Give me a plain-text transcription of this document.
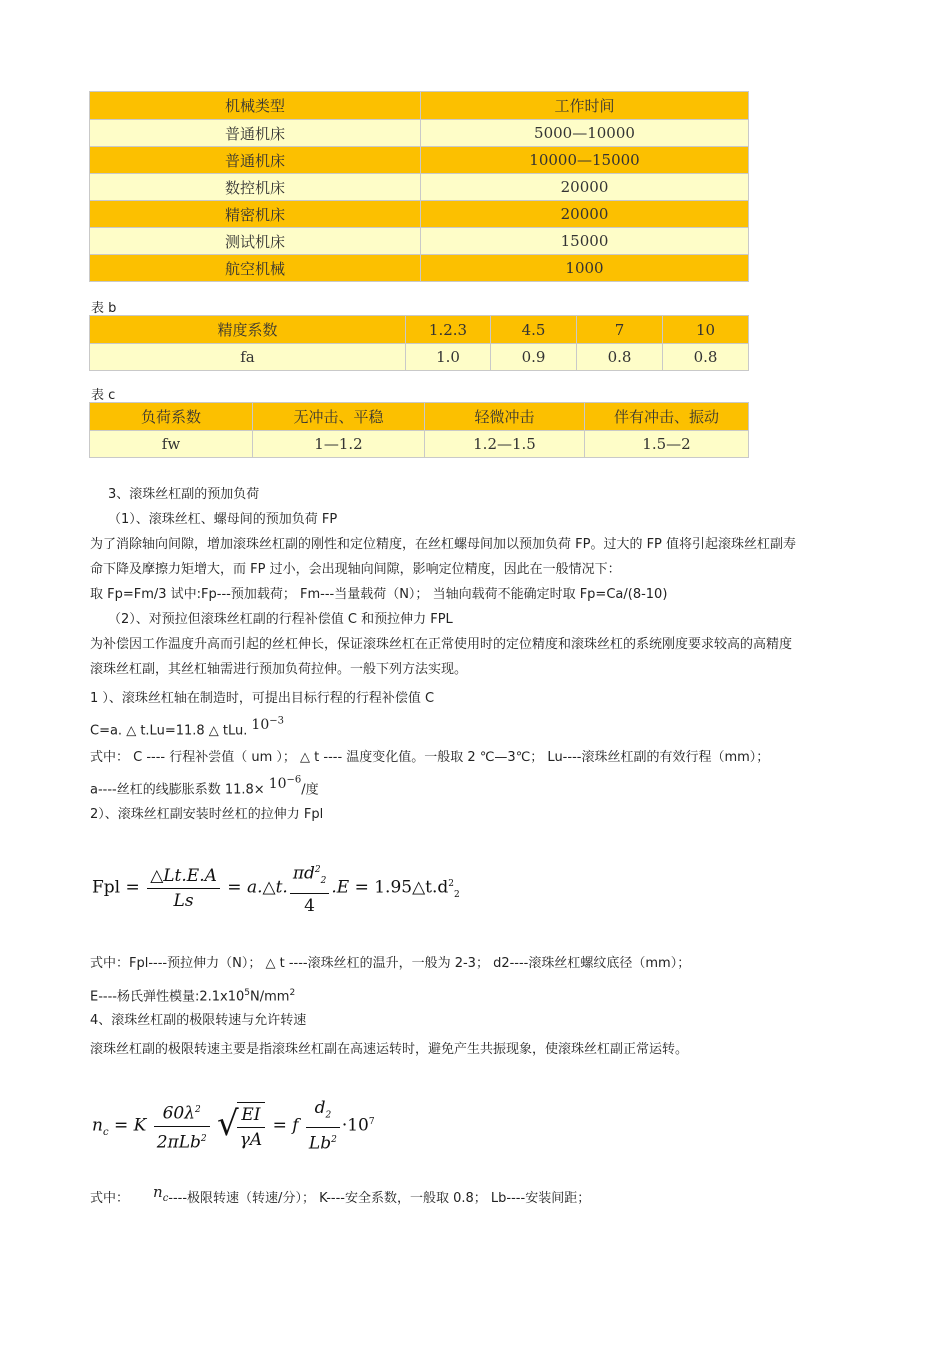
机械类型	工作时间
普通机床	5000—10000
普通机床	10000—15000
数控机床	20000
精密机床	20000
测试机床	15000
航空机械	1000
表 b
精度系数	1.2.3	4.5	7	10
fa	1.0	0.9	0.8	0.8
表 c
负荷系数	无冲击、平稳	轻微冲击	伴有冲击、振动
fw	1—1.2	1.2—1.5	1.5—2
3、滚珠丝杠副的预加负荷
（1）、滚珠丝杠、螺母间的预加负荷 FP
为了消除轴向间隙，增加滚珠丝杠副的刚性和定位精度，在丝杠螺母间加以预加负荷 FP。过大的 FP 值将引起滚珠丝杠副寿
命下降及摩擦力矩增大，而 FP 过小，会出现轴向间隙，影响定位精度，因此在一般情况下：
取 Fp=Fm/3 试中:Fp---预加载荷； Fm---当量载荷（N）； 当轴向载荷不能确定时取 Fp=Ca/(8-10)
（2）、对预拉但滚珠丝杠副的行程补偿值 C 和预拉伸力 FPL
为补偿因工作温度升高而引起的丝杠伸长，保证滚珠丝杠在正常使用时的定位精度和滚珠丝杠的系统刚度要求较高的高精度
滚珠丝杠副，其丝杠轴需进行预加负荷拉伸。一般下列方法实现。
1 ）、滚珠丝杠轴在制造时，可提出目标行程的行程补偿值 C
C=a. △ t.Lu=11.8 △ tLu. $10^{-3}$
式中： C ---- 行程补尝值（ um ）； △ t ---- 温度变化值。一般取 2 ℃—3℃； Lu----滚珠丝杠副的有效行程（mm）；
a----丝杠的线膨胀系数 $11.8\times 10^{-6}/$度
2）、滚珠丝杠副安装时丝杠的拉伸力 Fpl
Fpl = $\frac{\triangle Lt.E.A}{Ls}$ = a.△t. $\frac{\pi d^2_2}{4} .E$ = $1.95\triangle t.d^2_2$
式中：Fpl----预拉伸力（N）； △ t ----滚珠丝杠的温升，一般为 2-3； d2----滚珠丝杠螺纹底径（mm）；
E----杨氏弹性模量$:2.1x10^5N/mm^2$
4、滚珠丝杠副的极限转速与允许转速
滚珠丝杠副的极限转速主要是指滚珠丝杠副在高速运转时，避免产生共振现象，使滚珠丝杠副正常运转。
$n_c = K \frac{60\lambda^2}{2\pi Lb^2}$ √
$\frac{EI}{\gamma A} = f \frac{d_2}{Lb^2} \cdot 10^7$
式中： $n_c----$极限转速（转速/分）； K----安全系数，一般取 0.8； Lb----安装间距；
